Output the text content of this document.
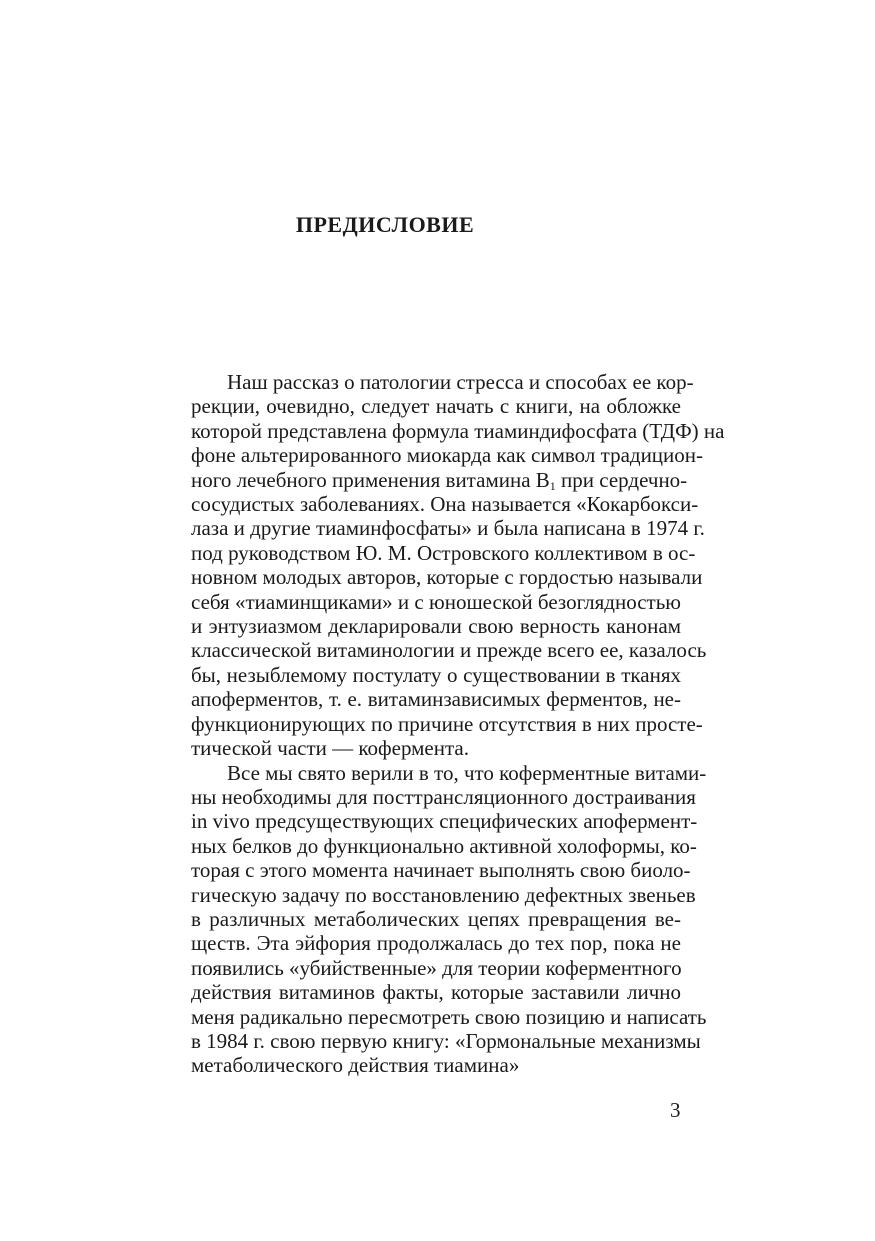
ПРЕДИСЛОВИЕ
Наш рассказ о патологии стресса и способах ее кор-
рекции, очевидно, следует начать с книги, на обложке
которой представлена формула тиаминдифосфата (ТДФ) на
фоне альтерированного миокарда как символ традицион-
ного лечебного применения витамина $B_1$ при сердечно-
сосудистых заболеваниях. Она называется «Кокарбокси-
лаза и другие тиаминфосфаты» и была написана в 1974 г.
под руководством Ю. М. Островского коллективом в ос-
новном молодых авторов, которые с гордостью называли
себя «тиаминщиками» и с юношеской безоглядностью
и энтузиазмом декларировали свою верность канонам
классической витаминологии и прежде всего ее, казалось
бы, незыблемому постулату о существовании в тканях
апоферментов, т. е. витаминзависимых ферментов, не-
функционирующих по причине отсутствия в них простe-
тической части — кофермента.
Все мы свято верили в то, что коферментные витами-
ны необходимы для посттрансляционного достраивания
in vivo предсуществующих специфических апофермент-
ных белков до функционально активной холоформы, ко-
торая с этого момента начинает выполнять свою биоло-
гическую задачу по восстановлению дефектных звеньев
в различных метаболических цепях превращения ве-
ществ. Эта эйфория продолжалась до тех пор, пока не
появились «убийственные» для теории коферментного
действия витаминов факты, которые заставили лично
меня радикально пересмотреть свою позицию и написать
в 1984 г. свою первую книгу: «Гормональные механизмы
метаболического действия тиамина»
3
